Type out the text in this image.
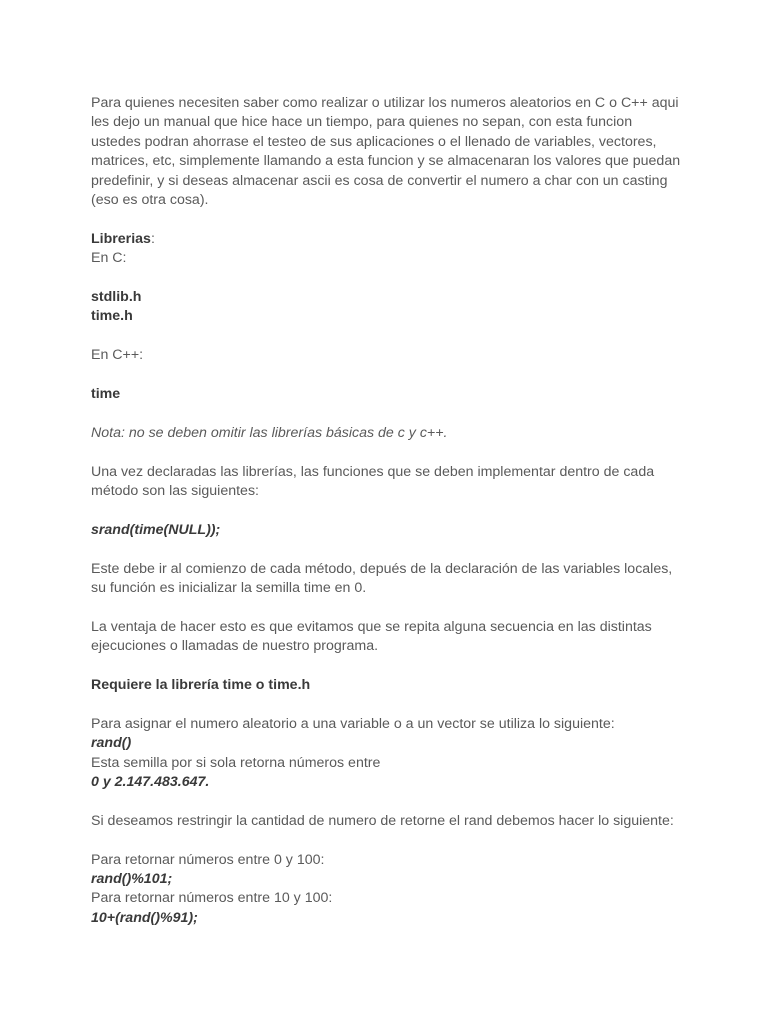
Para quienes necesiten saber como realizar o utilizar los numeros aleatorios en C o C++ aqui
les dejo un manual que hice hace un tiempo, para quienes no sepan, con esta funcion
ustedes podran ahorrase el testeo de sus aplicaciones o el llenado de variables, vectores,
matrices, etc, simplemente llamando a esta funcion y se almacenaran los valores que puedan
predefinir, y si deseas almacenar ascii es cosa de convertir el numero a char con un casting
(eso es otra cosa).

Librerias:

En C:

stdlib.h

time.h

En C++:

time

Nota: no se deben omitir las librerías básicas de c y c++.

Una vez declaradas las librerías, las funciones que se deben implementar dentro de cada
método son las siguientes:

srand(time(NULL));

Este debe ir al comienzo de cada método, depués de la declaración de las variables locales,
su función es inicializar la semilla time en 0.

La ventaja de hacer esto es que evitamos que se repita alguna secuencia en las distintas
ejecuciones o llamadas de nuestro programa.

Requiere la librería time o time.h

Para asignar el numero aleatorio a una variable o a un vector se utiliza lo siguiente:

rand()

Esta semilla por si sola retorna números entre

0 y 2.147.483.647.

Si deseamos restringir la cantidad de numero de retorne el rand debemos hacer lo siguiente:

Para retornar números entre 0 y 100:

rand()%101;

Para retornar números entre 10 y 100:

10+(rand()%91);
